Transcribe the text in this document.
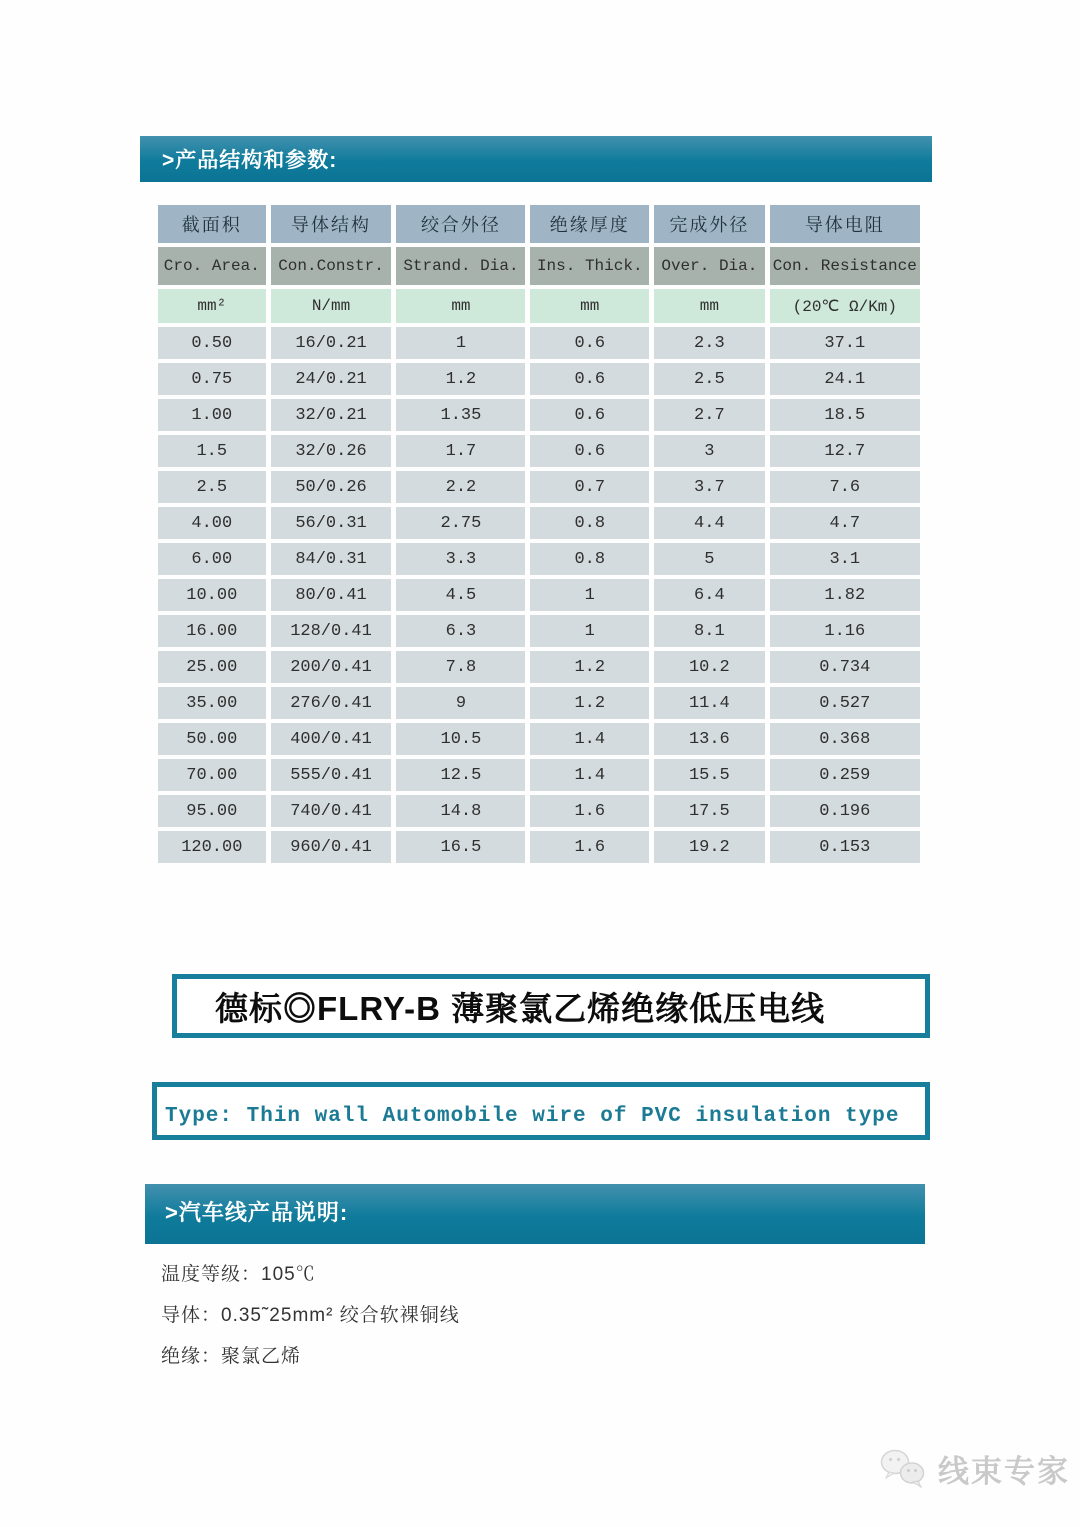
>产品结构和参数:
截面积	导体结构	绞合外径	绝缘厚度	完成外径	导体电阻
Cro. Area.	Con.Constr.	Strand. Dia.	Ins. Thick.	Over. Dia.	Con. Resistance
mm²	N/mm	mm	mm	mm	(20℃ Ω/Km)
0.50	16/0.21	1	0.6	2.3	37.1
0.75	24/0.21	1.2	0.6	2.5	24.1
1.00	32/0.21	1.35	0.6	2.7	18.5
1.5	32/0.26	1.7	0.6	3	12.7
2.5	50/0.26	2.2	0.7	3.7	7.6
4.00	56/0.31	2.75	0.8	4.4	4.7
6.00	84/0.31	3.3	0.8	5	3.1
10.00	80/0.41	4.5	1	6.4	1.82
16.00	128/0.41	6.3	1	8.1	1.16
25.00	200/0.41	7.8	1.2	10.2	0.734
35.00	276/0.41	9	1.2	11.4	0.527
50.00	400/0.41	10.5	1.4	13.6	0.368
70.00	555/0.41	12.5	1.4	15.5	0.259
95.00	740/0.41	14.8	1.6	17.5	0.196
120.00	960/0.41	16.5	1.6	19.2	0.153
德标◎FLRY-B 薄聚氯乙烯绝缘低压电线
Type: Thin wall Automobile wire of PVC insulation type
>汽车线产品说明:
温度等级：105℃
导体：0.35˜25mm² 绞合软裸铜线
绝缘：聚氯乙烯
线束专家
